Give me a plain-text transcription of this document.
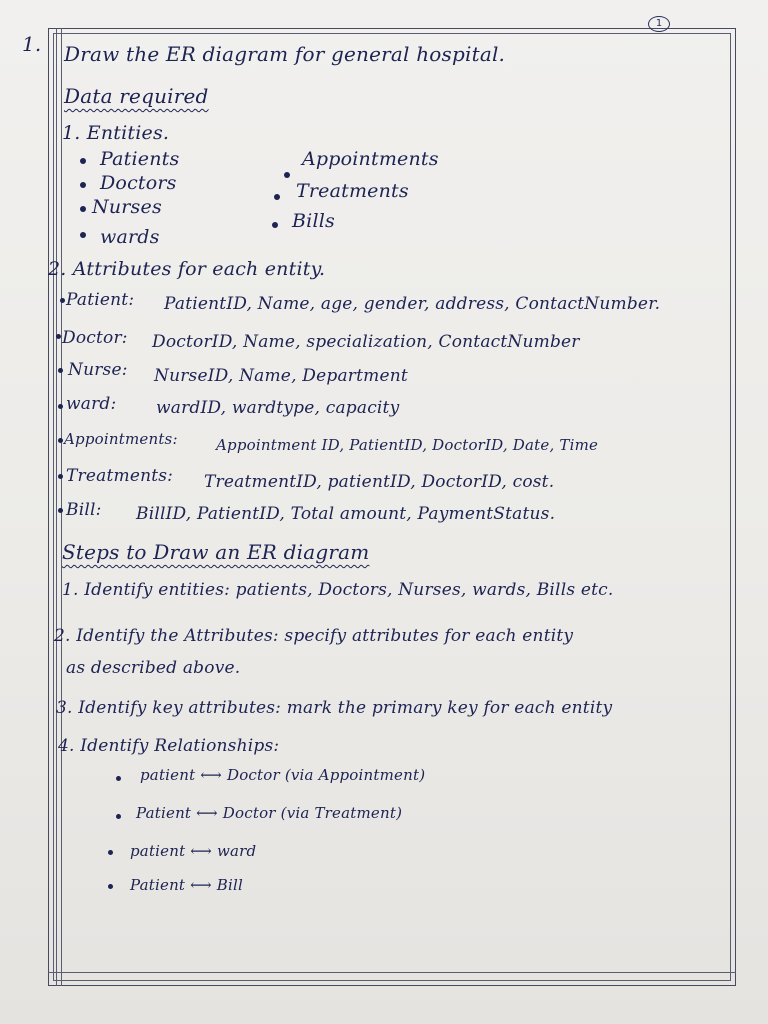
1
1. Draw the ER diagram for general hospital.
Data required
1. Entities.
Patients
Doctors
Nurses
wards
Appointments
Treatments
Bills
2. Attributes for each entity.
Patient: PatientID, Name, age, gender, address, ContactNumber.
Doctor: DoctorID, Name, specialization, ContactNumber
Nurse: NurseID, Name, Department
ward: wardID, wardtype, capacity
Appointments:	Appointment ID, PatientID, DoctorID, Date, Time
Treatments: TreatmentID, patientID, DoctorID, cost.
Bill: BillID, PatientID, Total amount, PaymentStatus.
Steps to Draw an ER diagram
1. Identify entities: patients, Doctors, Nurses, wards, Bills etc.
2. Identify the Attributes: specify attributes for each entity
as described above.
3. Identify key attributes: mark the primary key for each entity
4. Identify Relationships:
patient ⟷ Doctor (via Appointment)
Patient ⟷ Doctor (via Treatment)
patient ⟷ ward
Patient ⟷ Bill
